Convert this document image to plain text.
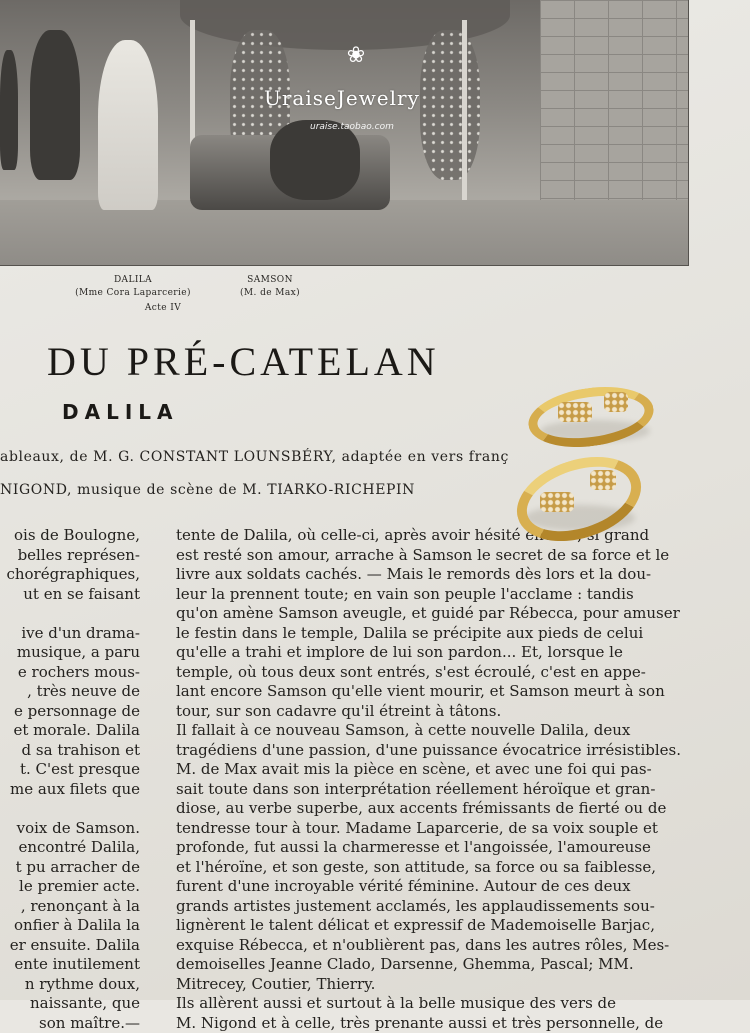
❀
UraiseJewelry
uraise.taobao.com
DALILA
(Mme Cora Laparcerie)
SAMSON
(M. de Max)
Acte IV
DU PRÉ-CATELAN
DALILA
ableaux, de M. G. CONSTANT LOUNSBÉRY, adaptée en vers franç
NIGOND, musique de scène de M. TIARKO-RICHEPIN

ois de Boulogne,

belles représen-

chorégraphiques,

ut en se faisant

ive d'un drama-

musique, a paru

e rochers mous-

, très neuve de

e personnage de

et morale. Dalila

d sa trahison et

t. C'est presque

me aux filets que

voix de Samson.

encontré Dalila,

t pu arracher de

le premier acte.

, renonçant à la

onfier à Dalila la

er ensuite. Dalila

ente inutilement

n rythme doux,

naissante, que

son maître.—

tente de Dalila, où celle-ci, après avoir hésité encore, si grand

est resté son amour, arrache à Samson le secret de sa force et le

livre aux soldats cachés. — Mais le remords dès lors et la dou-

leur la prennent toute; en vain son peuple l'acclame : tandis

qu'on amène Samson aveugle, et guidé par Rébecca, pour amuser

le festin dans le temple, Dalila se précipite aux pieds de celui

qu'elle a trahi et implore de lui son pardon... Et, lorsque le

temple, où tous deux sont entrés, s'est écroulé, c'est en appe-

lant encore Samson qu'elle vient mourir, et Samson meurt à son

tour, sur son cadavre qu'il étreint à tâtons.

Il fallait à ce nouveau Samson, à cette nouvelle Dalila, deux

tragédiens d'une passion, d'une puissance évocatrice irrésistibles.

M. de Max avait mis la pièce en scène, et avec une foi qui pas-

sait toute dans son interprétation réellement héroïque et gran-

diose, au verbe superbe, aux accents frémissants de fierté ou de

tendresse tour à tour. Madame Laparcerie, de sa voix souple et

profonde, fut aussi la charmeresse et l'angoissée, l'amoureuse

et l'héroïne, et son geste, son attitude, sa force ou sa faiblesse,

furent d'une incroyable vérité féminine. Autour de ces deux

grands artistes justement acclamés, les applaudissements sou-

lignèrent le talent délicat et expressif de Mademoiselle Barjac,

exquise Rébecca, et n'oublièrent pas, dans les autres rôles, Mes-

demoiselles Jeanne Clado, Darsenne, Ghemma, Pascal; MM.

Mitrecey, Coutier, Thierry.

Ils allèrent aussi et surtout à la belle musique des vers de

M. Nigond et à celle, très prenante aussi et très personnelle, de
